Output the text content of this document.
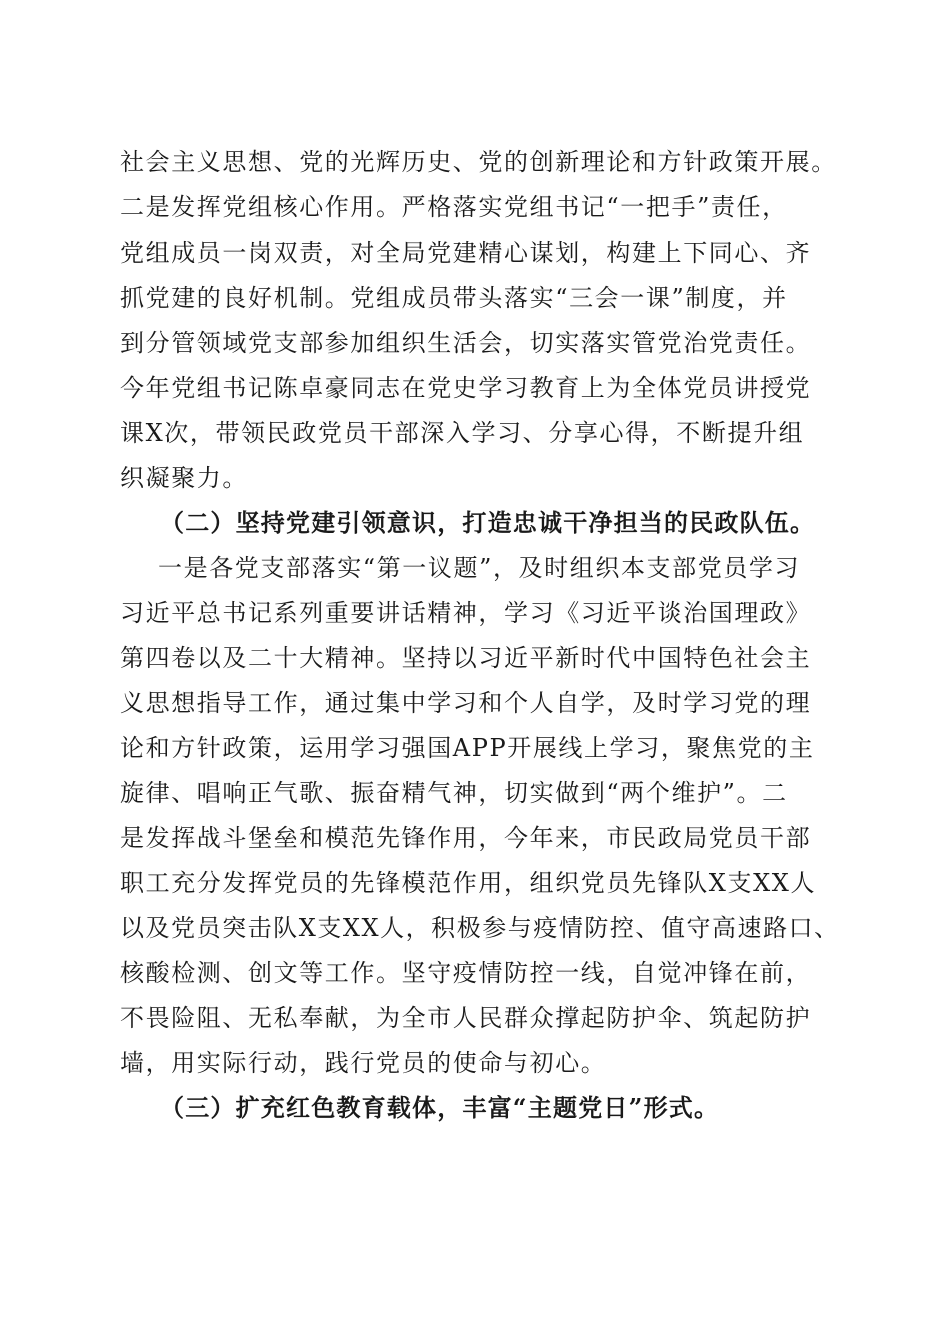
社会主义思想、党的光辉历史、党的创新理论和方针政策开展。

二是发挥党组核心作用。严格落实党组书记“一把手”责任，

党组成员一岗双责，对全局党建精心谋划，构建上下同心、齐

抓党建的良好机制。党组成员带头落实“三会一课”制度，并

到分管领域党支部参加组织生活会，切实落实管党治党责任。

今年党组书记陈卓豪同志在党史学习教育上为全体党员讲授党

课X次，带领民政党员干部深入学习、分享心得，不断提升组

织凝聚力。

（二）坚持党建引领意识，打造忠诚干净担当的民政队伍。

一是各党支部落实“第一议题”，及时组织本支部党员学习

习近平总书记系列重要讲话精神，学习《习近平谈治国理政》

第四卷以及二十大精神。坚持以习近平新时代中国特色社会主

义思想指导工作，通过集中学习和个人自学，及时学习党的理

论和方针政策，运用学习强国APP开展线上学习，聚焦党的主

旋律、唱响正气歌、振奋精气神，切实做到“两个维护”。二

是发挥战斗堡垒和模范先锋作用，今年来，市民政局党员干部

职工充分发挥党员的先锋模范作用，组织党员先锋队X支XX人

以及党员突击队X支XX人，积极参与疫情防控、值守高速路口、

核酸检测、创文等工作。坚守疫情防控一线，自觉冲锋在前，

不畏险阻、无私奉献，为全市人民群众撑起防护伞、筑起防护

墙，用实际行动，践行党员的使命与初心。

（三）扩充红色教育载体，丰富“主题党日”形式。
